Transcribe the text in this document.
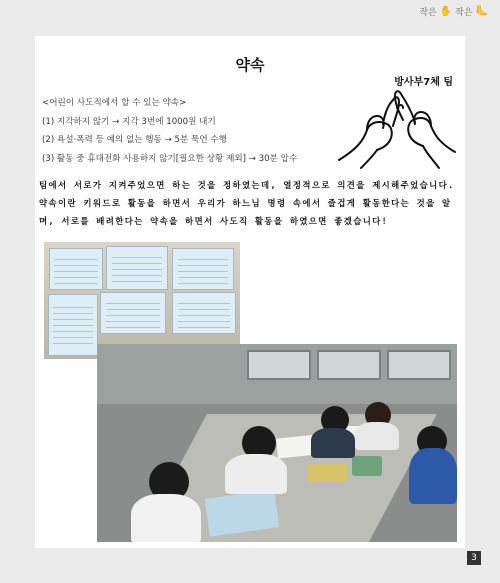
작은 ✋ 작은 🦶
약속
방사부7체 팀
<어린이 사도직에서 할 수 있는 약속>
(1) 지각하지 않기 → 지각 3번에 1000원 내기
(2) 욕설·폭력 등 예의 없는 행동 → 5분 묵언 수행
(3) 활동 중 휴대전화 사용하지 않기[필요한 상황 제외] → 30분 압수
팀에서 서로가 지켜주었으면 하는 것을 정하였는데, 열정적으로 의견을 제시해주었습니다. 약속이란 키워드로 활동을 하면서 우리가 하느님 명령 속에서 즐겁게 활동한다는 것을 알며, 서로를 배려한다는 약속을 하면서 사도직 활동을 하였으면 좋겠습니다!
3
